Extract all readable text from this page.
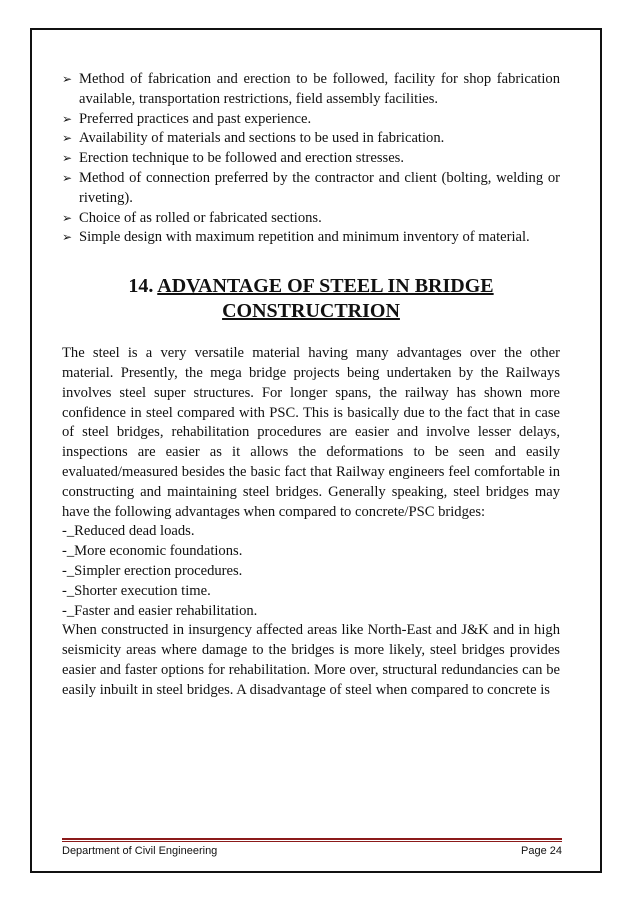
➢ Method of fabrication and erection to be followed, facility for shop fabrication available, transportation restrictions, field assembly facilities.
➢ Preferred practices and past experience.
➢ Availability of materials and sections to be used in fabrication.
➢ Erection technique to be followed and erection stresses.
➢ Method of connection preferred by the contractor and client (bolting, welding or riveting).
➢ Choice of as rolled or fabricated sections.
➢ Simple design with maximum repetition and minimum inventory of material.
14. ADVANTAGE OF STEEL IN BRIDGE
CONSTRUCTRION

The steel is a very versatile material having many advantages over the other material. Presently, the mega bridge projects being undertaken by the Railways involves steel super structures. For longer spans, the railway has shown more confidence in steel compared with PSC. This is basically due to the fact that in case of steel bridges, rehabilitation procedures are easier and involve lesser delays, inspections are easier as it allows the deformations to be seen and easily evaluated/measured besides the basic fact that Railway engineers feel comfortable in constructing and maintaining steel bridges. Generally speaking, steel bridges may have the following advantages when compared to concrete/PSC bridges:

-_Reduced dead loads.
-_More economic foundations.
-_Simpler erection procedures.
-_Shorter execution time.
-_Faster and easier rehabilitation.

When constructed in insurgency affected areas like North-East and J&K and in high seismicity areas where damage to the bridges is more likely, steel bridges provides easier and faster options for rehabilitation. More over, structural redundancies can be easily inbuilt in steel bridges. A disadvantage of steel when compared to concrete is

Department of Civil Engineering	Page 24
